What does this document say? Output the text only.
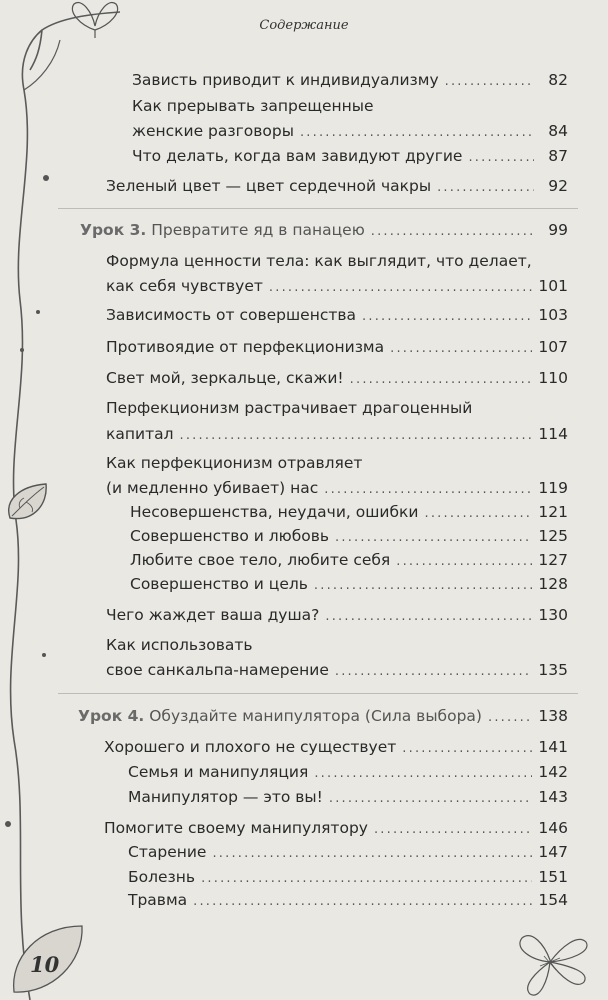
Содержание
Зависть приводит к индивидуализму .....	82
Как прерывать запрещенные
женские разговоры .....	84
Что делать, когда вам завидуют другие .....	87
Зеленый цвет — цвет сердечной чакры .....	92
Урок 3. Превратите яд в панацею .....	99
Формула ценности тела: как выглядит, что делает,
как себя чувствует .....	101
Зависимость от совершенства .....	103
Противоядие от перфекционизма .....	107
Свет мой, зеркальце, скажи! .....	110
Перфекционизм растрачивает драгоценный
капитал .....	114
Как перфекционизм отравляет
(и медленно убивает) нас .....	119
Несовершенства, неудачи, ошибки .....	121
Совершенство и любовь .....	125
Любите свое тело, любите себя .....	127
Совершенство и цель .....	128
Чего жаждет ваша душа? .....	130
Как использовать
свое санкальпа-намерение .....	135
Урок 4. Обуздайте манипулятора (Сила выбора) .....	138
Хорошего и плохого не существует .....	141
Семья и манипуляция .....	142
Манипулятор — это вы! .....	143
Помогите своему манипулятору .....	146
Старение .....	147
Болезнь .....	151
Травма .....	154
10
